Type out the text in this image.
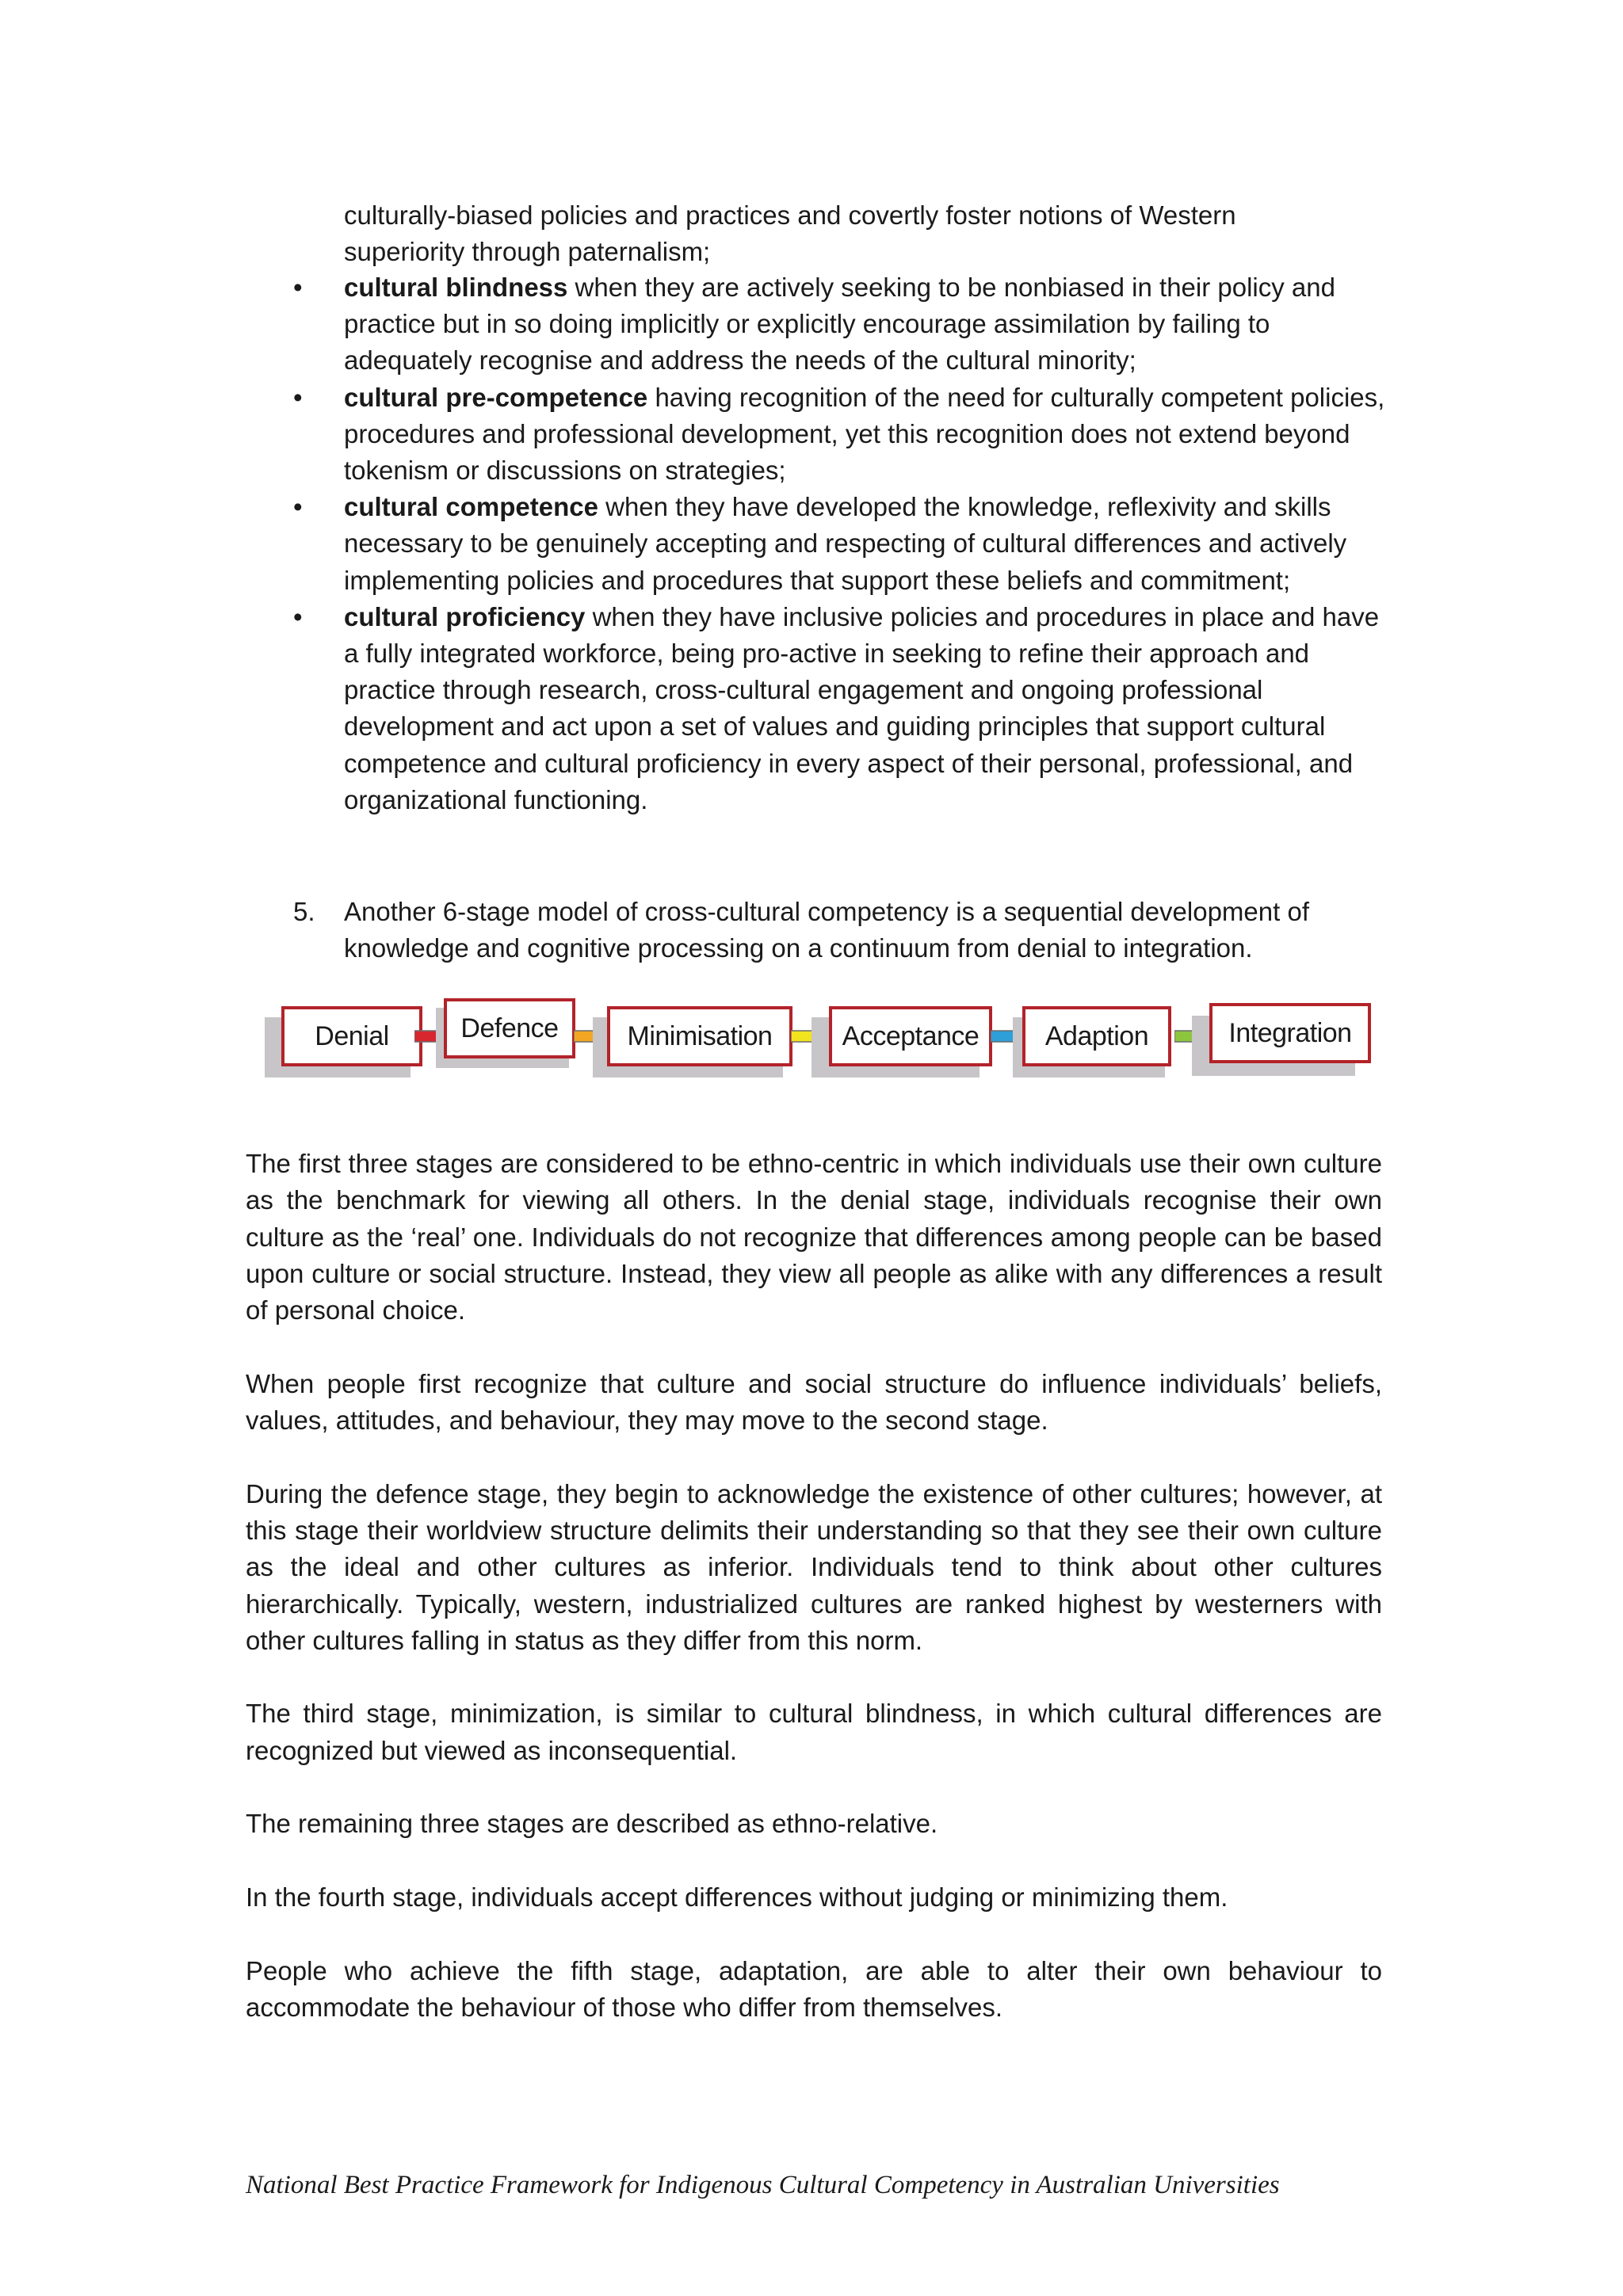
culturally-biased policies and practices and covertly foster notions of Western
superiority through paternalism;
•	cultural blindness when they are actively seeking to be nonbiased in their policy and practice but in so doing implicitly or explicitly encourage assimilation by failing to adequately recognise and address the needs of the cultural minority;
•	cultural pre-competence having recognition of the need for culturally competent policies, procedures and professional development, yet this recognition does not extend beyond tokenism or discussions on strategies;
•	cultural competence when they have developed the knowledge, reflexivity and skills necessary to be genuinely accepting and respecting of cultural differences and actively implementing policies and procedures that support these beliefs and commitment;
•	cultural proficiency when they have inclusive policies and procedures in place and have a fully integrated workforce, being pro-active in seeking to refine their approach and practice through research, cross-cultural engagement and ongoing professional development and act upon a set of values and guiding principles that support cultural competence and cultural proficiency in every aspect of their personal, professional, and organizational functioning.
5.	Another 6-stage model of cross-cultural competency is a sequential development of knowledge and cognitive processing on a continuum from denial to integration.
Denial	Defence	Minimisation	Acceptance	Adaption	Integration

The first three stages are considered to be ethno-centric in which individuals use their own culture as the benchmark for viewing all others. In the denial stage, individuals recognise their own culture as the ‘real’ one. Individuals do not recognize that differences among people can be based upon culture or social structure. Instead, they view all people as alike with any differences a result of personal choice.

When people first recognize that culture and social structure do influence individuals’ beliefs, values, attitudes, and behaviour, they may move to the second stage.

During the defence stage, they begin to acknowledge the existence of other cultures; however, at this stage their worldview structure delimits their understanding so that they see their own culture as the ideal and other cultures as inferior. Individuals tend to think about other cultures hierarchically. Typically, western, industrialized cultures are ranked highest by westerners with other cultures falling in status as they differ from this norm.

The third stage, minimization, is similar to cultural blindness, in which cultural differences are recognized but viewed as inconsequential.

The remaining three stages are described as ethno-relative.

In the fourth stage, individuals accept differences without judging or minimizing them.

People who achieve the fifth stage, adaptation, are able to alter their own behaviour to accommodate the behaviour of those who differ from themselves.

National Best Practice Framework for Indigenous Cultural Competency in Australian Universities
